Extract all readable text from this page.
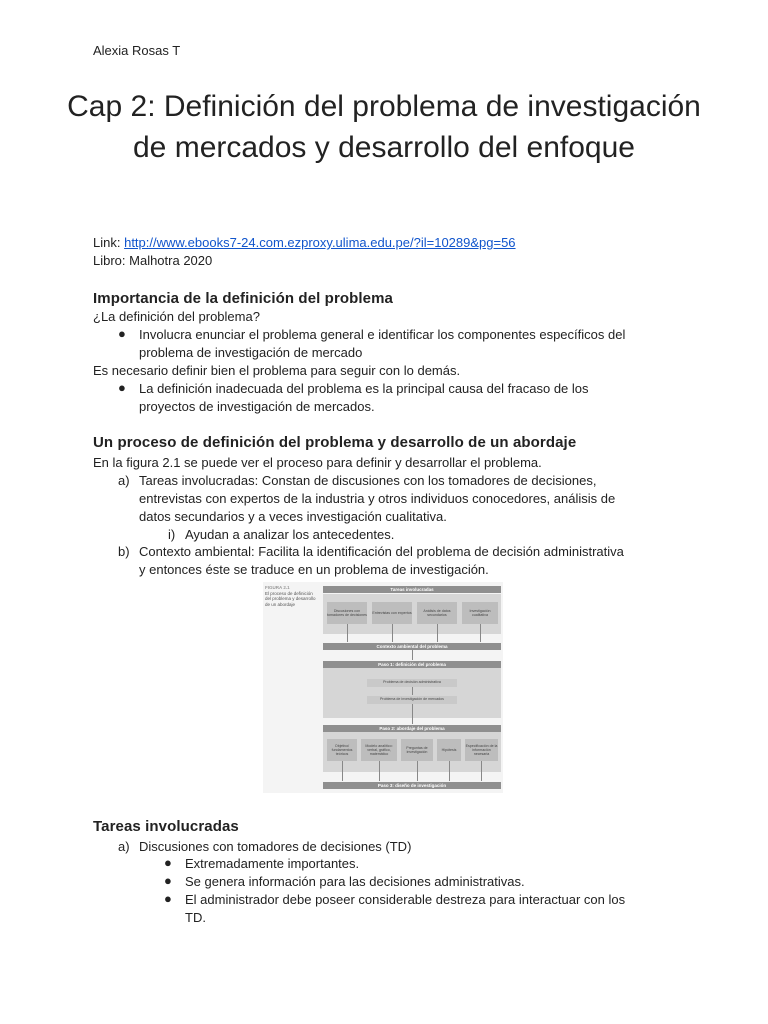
Alexia Rosas T
Cap 2: Definición del problema de investigación de mercados y desarrollo del enfoque
Link: http://www.ebooks7-24.com.ezproxy.ulima.edu.pe/?il=10289&pg=56
Libro: Malhotra 2020
Importancia de la definición del problema
¿La definición del problema?
● Involucra enunciar el problema general e identificar los componentes específicos del
problema de investigación de mercado
Es necesario definir bien el problema para seguir con lo demás.
● La definición inadecuada del problema es la principal causa del fracaso de los
proyectos de investigación de mercados.
Un proceso de definición del problema y desarrollo de un abordaje
En la figura 2.1 se puede ver el proceso para definir y desarrollar el problema.
a) Tareas involucradas: Constan de discusiones con los tomadores de decisiones,
entrevistas con expertos de la industria y otros individuos conocedores, análisis de
datos secundarios y a veces investigación cualitativa.
i) Ayudan a analizar los antecedentes.
b) Contexto ambiental: Facilita la identificación del problema de decisión administrativa
y entonces éste se traduce en un problema de investigación.
FIGURA 2.1
El proceso de definición del problema y desarrollo de un abordaje
Tareas involucradas
Discusiones con tomadores de decisiones
Entrevistas con expertos
Análisis de datos secundarios
Investigación cualitativa
Contexto ambiental del problema
Paso 1: definición del problema
Problema de decisión administrativa
Problema de investigación de mercados
Paso 2: abordaje del problema
Objetivo/ fundamentos teóricos
Modelo analítico: verbal, gráfico, matemático
Preguntas de investigación
Hipótesis
Especificación de la información necesaria
Paso 3: diseño de investigación
Tareas involucradas
a) Discusiones con tomadores de decisiones (TD)
● Extremadamente importantes.
● Se genera información para las decisiones administrativas.
● El administrador debe poseer considerable destreza para interactuar con los
TD.
